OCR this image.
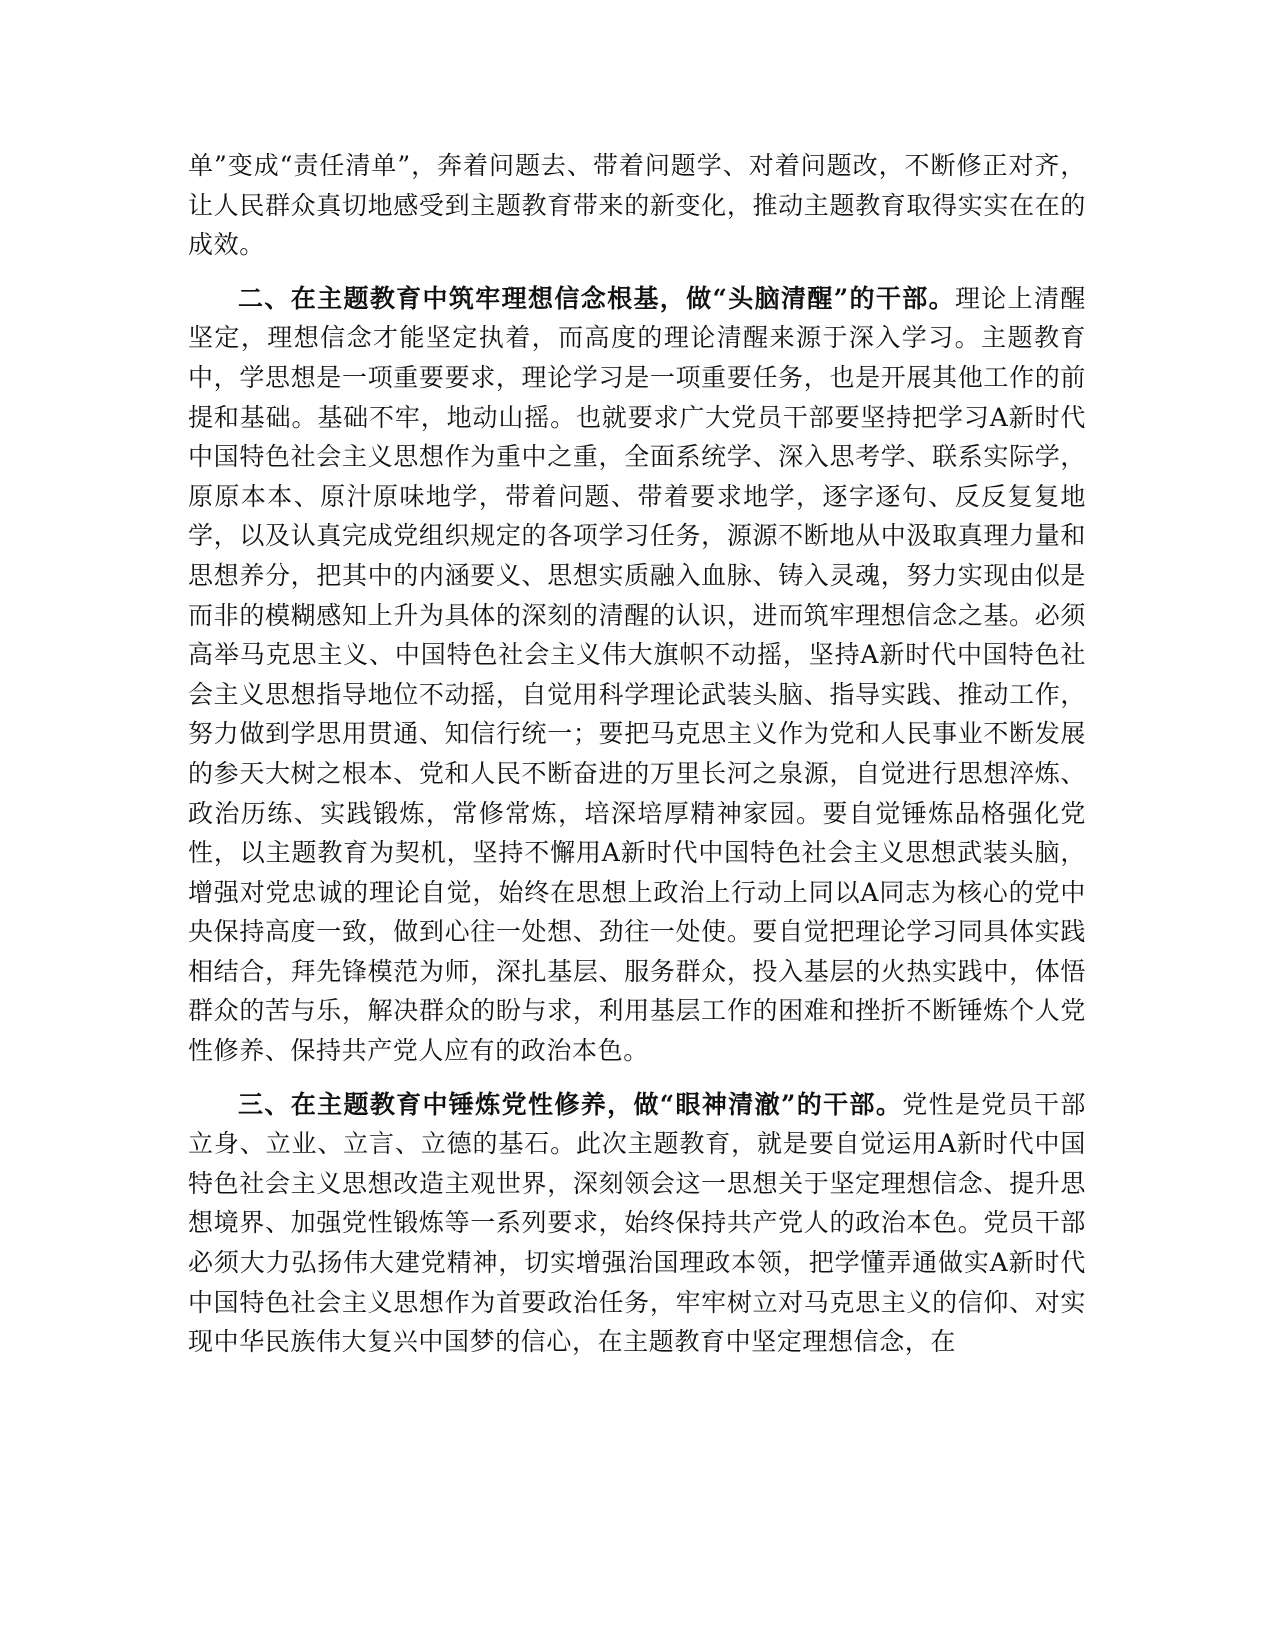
单”变成“责任清单”，奔着问题去、带着问题学、对着问题改，不断修正对齐，让人民群众真切地感受到主题教育带来的新变化，推动主题教育取得实实在在的成效。

二、在主题教育中筑牢理想信念根基，做“头脑清醒”的干部。理论上清醒坚定，理想信念才能坚定执着，而高度的理论清醒来源于深入学习。主题教育中，学思想是一项重要要求，理论学习是一项重要任务，也是开展其他工作的前提和基础。基础不牢，地动山摇。也就要求广大党员干部要坚持把学习A新时代中国特色社会主义思想作为重中之重，全面系统学、深入思考学、联系实际学，原原本本、原汁原味地学，带着问题、带着要求地学，逐字逐句、反反复复地学，以及认真完成党组织规定的各项学习任务，源源不断地从中汲取真理力量和思想养分，把其中的内涵要义、思想实质融入血脉、铸入灵魂，努力实现由似是而非的模糊感知上升为具体的深刻的清醒的认识，进而筑牢理想信念之基。必须高举马克思主义、中国特色社会主义伟大旗帜不动摇，坚持A新时代中国特色社会主义思想指导地位不动摇，自觉用科学理论武装头脑、指导实践、推动工作，努力做到学思用贯通、知信行统一；要把马克思主义作为党和人民事业不断发展的参天大树之根本、党和人民不断奋进的万里长河之泉源，自觉进行思想淬炼、政治历练、实践锻炼，常修常炼，培深培厚精神家园。要自觉锤炼品格强化党性，以主题教育为契机，坚持不懈用A新时代中国特色社会主义思想武装头脑，增强对党忠诚的理论自觉，始终在思想上政治上行动上同以A同志为核心的党中央保持高度一致，做到心往一处想、劲往一处使。要自觉把理论学习同具体实践相结合，拜先锋模范为师，深扎基层、服务群众，投入基层的火热实践中，体悟群众的苦与乐，解决群众的盼与求，利用基层工作的困难和挫折不断锤炼个人党性修养、保持共产党人应有的政治本色。

三、在主题教育中锤炼党性修养，做“眼神清澈”的干部。党性是党员干部立身、立业、立言、立德的基石。此次主题教育，就是要自觉运用A新时代中国特色社会主义思想改造主观世界，深刻领会这一思想关于坚定理想信念、提升思想境界、加强党性锻炼等一系列要求，始终保持共产党人的政治本色。党员干部必须大力弘扬伟大建党精神，切实增强治国理政本领，把学懂弄通做实A新时代中国特色社会主义思想作为首要政治任务，牢牢树立对马克思主义的信仰、对实现中华民族伟大复兴中国梦的信心，在主题教育中坚定理想信念，在
